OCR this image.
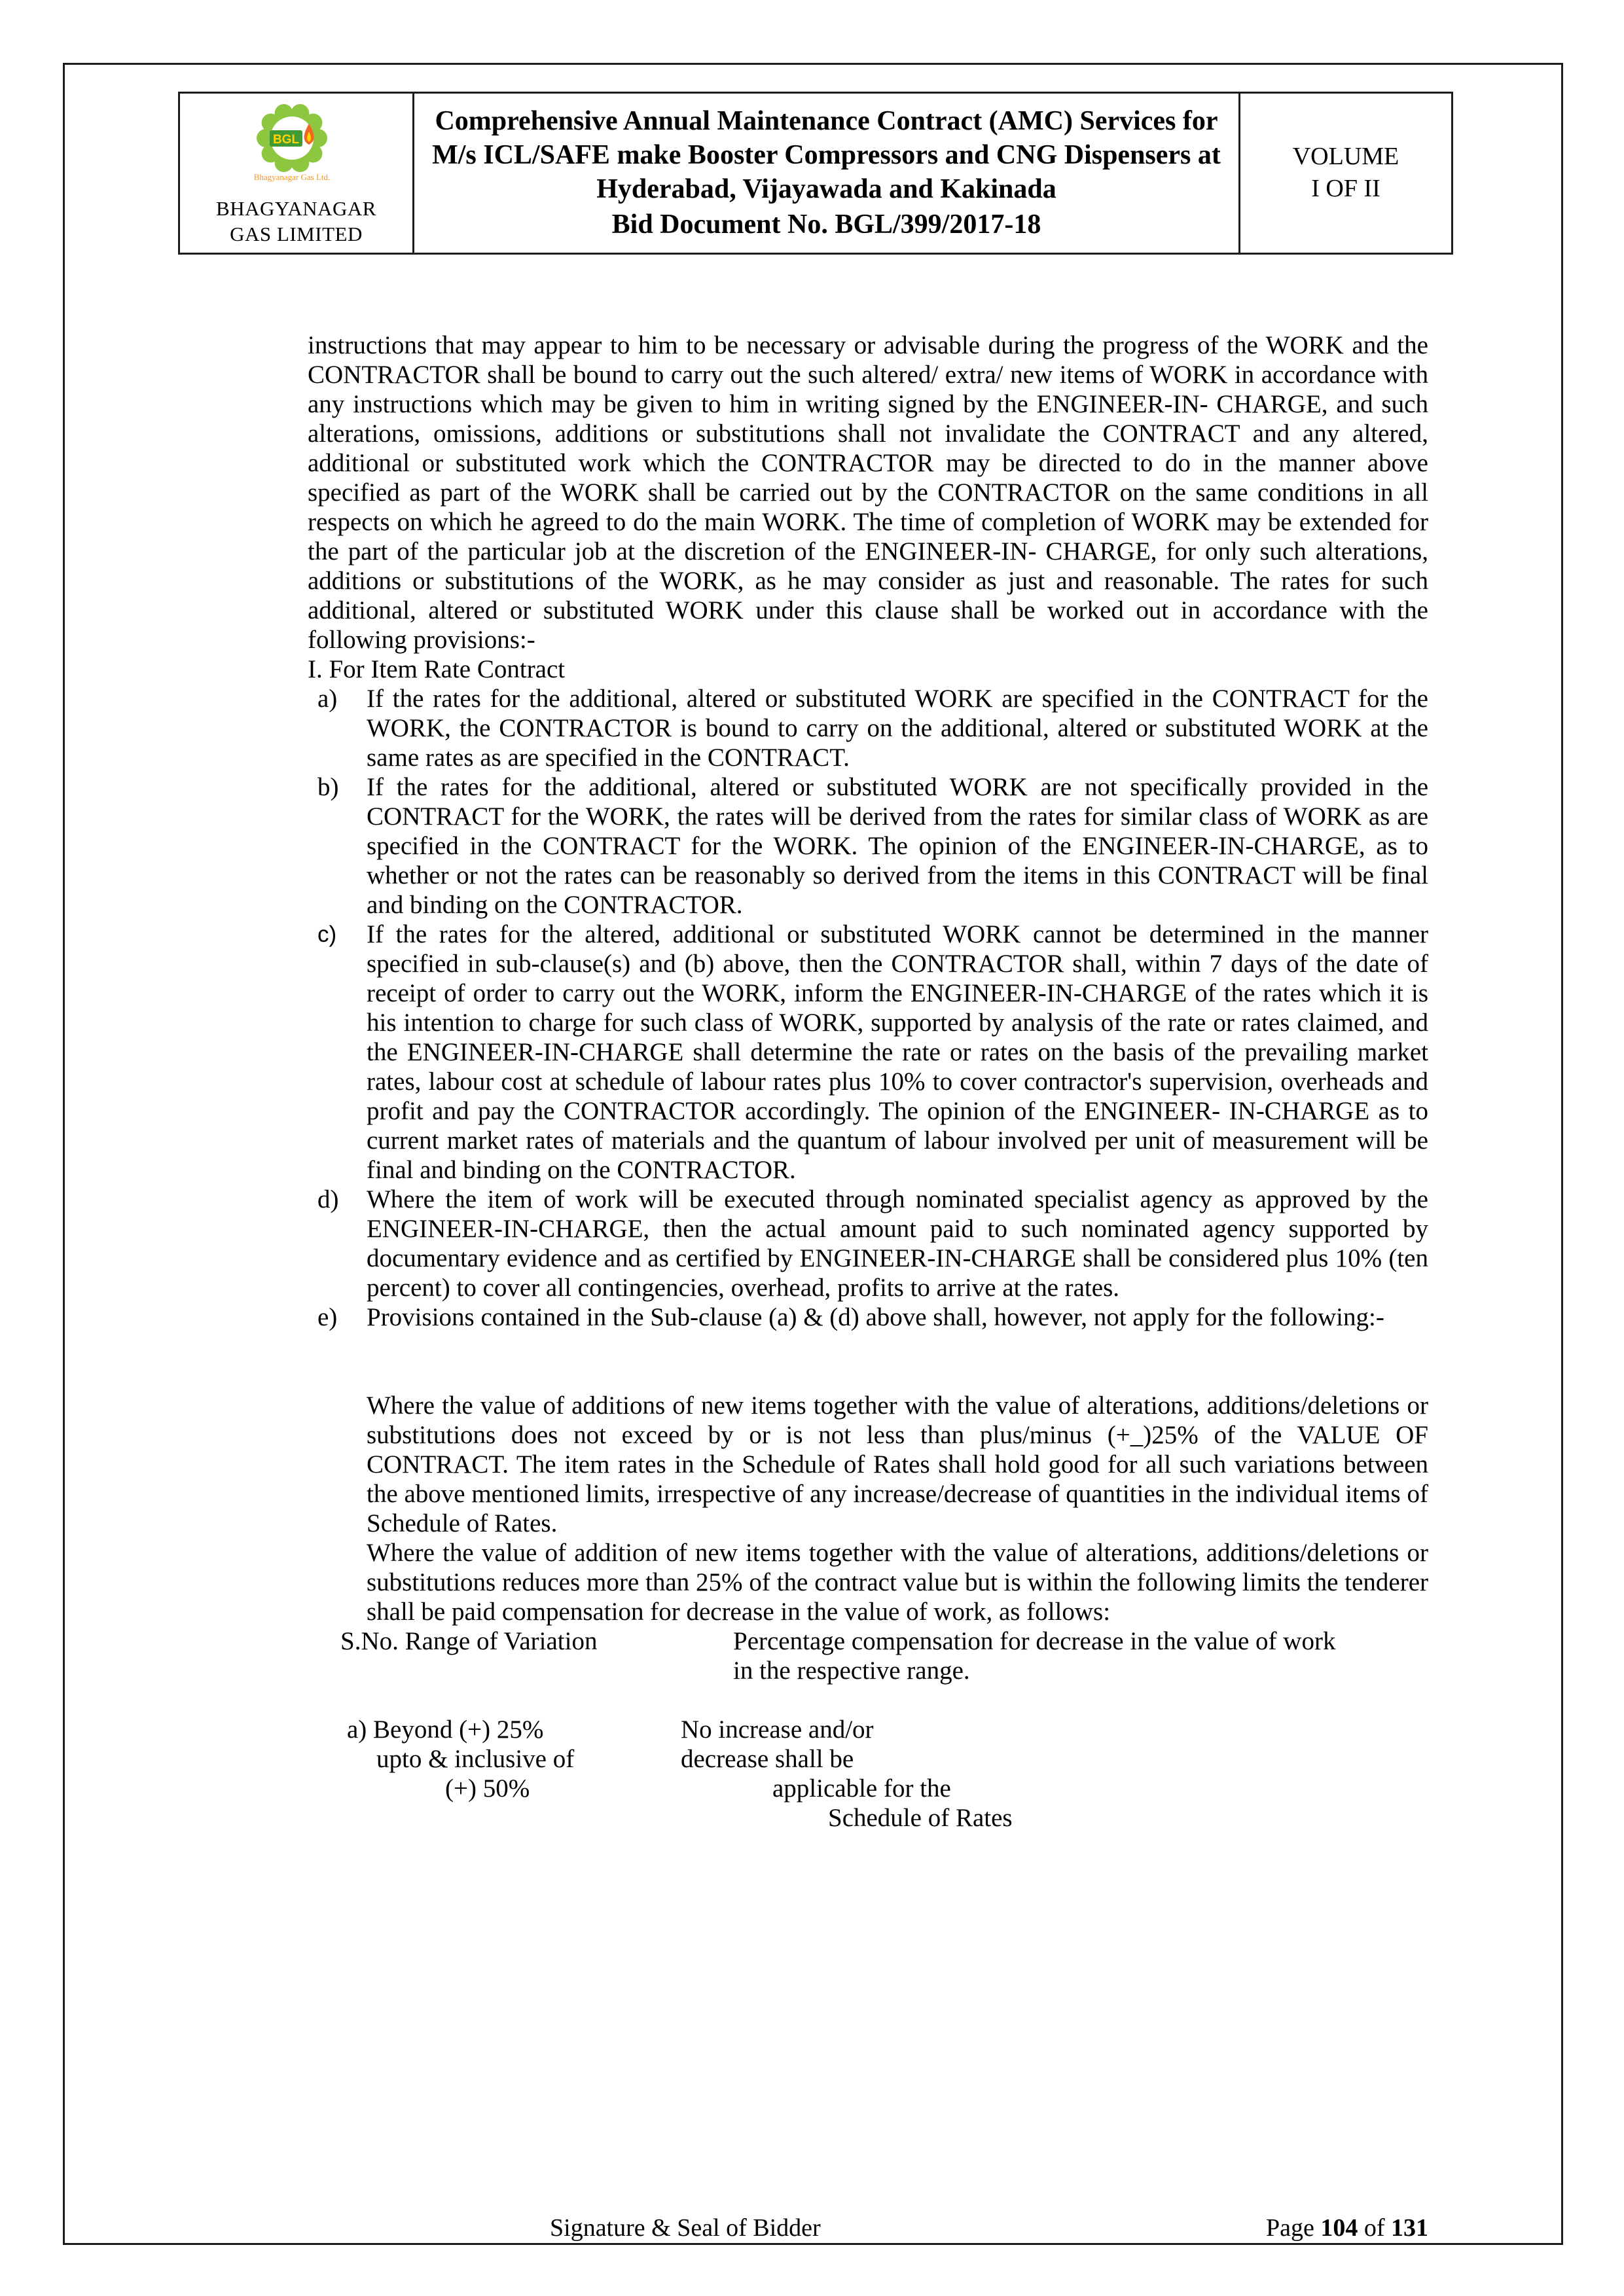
BGL
Bhagyanagar Gas Ltd.
BHAGYANAGAR
GAS LIMITED

Comprehensive Annual Maintenance Contract (AMC) Services for M/s ICL/SAFE make Booster Compressors and CNG Dispensers at Hyderabad, Vijayawada and Kakinada
Bid Document No. BGL/399/2017-18

VOLUME
I OF II

instructions that may appear to him to be necessary or advisable during the progress of the WORK and the CONTRACTOR shall be bound to carry out the such altered/ extra/ new items of WORK in accordance with any instructions which may be given to him in writing signed by the ENGINEER-IN- CHARGE, and such alterations, omissions, additions or substitutions shall not invalidate the CONTRACT and any altered, additional or substituted work which the CONTRACTOR may be directed to do in the manner above specified as part of the WORK shall be carried out by the CONTRACTOR on the same conditions in all respects on which he agreed to do the main WORK. The time of completion of WORK may be extended for the part of the particular job at the discretion of the ENGINEER-IN- CHARGE, for only such alterations, additions or substitutions of the WORK, as he may consider as just and reasonable. The rates for such additional, altered or substituted WORK under this clause shall be worked out in accordance with the following provisions:-

I. For Item Rate Contract

a)	If the rates for the additional, altered or substituted WORK are specified in the CONTRACT for the WORK, the CONTRACTOR is bound to carry on the additional, altered or substituted WORK at the same rates as are specified in the CONTRACT.
b)	If the rates for the additional, altered or substituted WORK are not specifically provided in the CONTRACT for the WORK, the rates will be derived from the rates for similar class of WORK as are specified in the CONTRACT for the WORK. The opinion of the ENGINEER-IN-CHARGE, as to whether or not the rates can be reasonably so derived from the items in this CONTRACT will be final and binding on the CONTRACTOR.
c)	If the rates for the altered, additional or substituted WORK cannot be determined in the manner specified in sub-clause(s) and (b) above, then the CONTRACTOR shall, within 7 days of the date of receipt of order to carry out the WORK, inform the ENGINEER-IN-CHARGE of the rates which it is his intention to charge for such class of WORK, supported by analysis of the rate or rates claimed, and the ENGINEER-IN-CHARGE shall determine the rate or rates on the basis of the prevailing market rates, labour cost at schedule of labour rates plus 10% to cover contractor's supervision, overheads and profit and pay the CONTRACTOR accordingly. The opinion of the ENGINEER- IN-CHARGE as to current market rates of materials and the quantum of labour involved per unit of measurement will be final and binding on the CONTRACTOR.
d)	Where the item of work will be executed through nominated specialist agency as approved by the ENGINEER-IN-CHARGE, then the actual amount paid to such nominated agency supported by documentary evidence and as certified by ENGINEER-IN-CHARGE shall be considered plus 10% (ten percent) to cover all contingencies, overhead, profits to arrive at the rates.
e)	Provisions contained in the Sub-clause (a) & (d) above shall, however, not apply for the following:-

Where the value of additions of new items together with the value of alterations, additions/deletions or substitutions does not exceed by or is not less than plus/minus (+_)25% of the VALUE OF CONTRACT. The item rates in the Schedule of Rates shall hold good for all such variations between the above mentioned limits, irrespective of any increase/decrease of quantities in the individual items of Schedule of Rates.

Where the value of addition of new items together with the value of alterations, additions/deletions or substitutions reduces more than 25% of the contract value but is within the following limits the tenderer shall be paid compensation for decrease in the value of work, as follows:

S.No. Range of Variation	Percentage compensation for decrease in the value of work
in the respective range.
a) Beyond (+) 25%	No increase and/or
upto & inclusive of	decrease shall be
(+) 50%	applicable for the
Schedule of Rates
Signature & Seal of Bidder	Page 104 of 131
